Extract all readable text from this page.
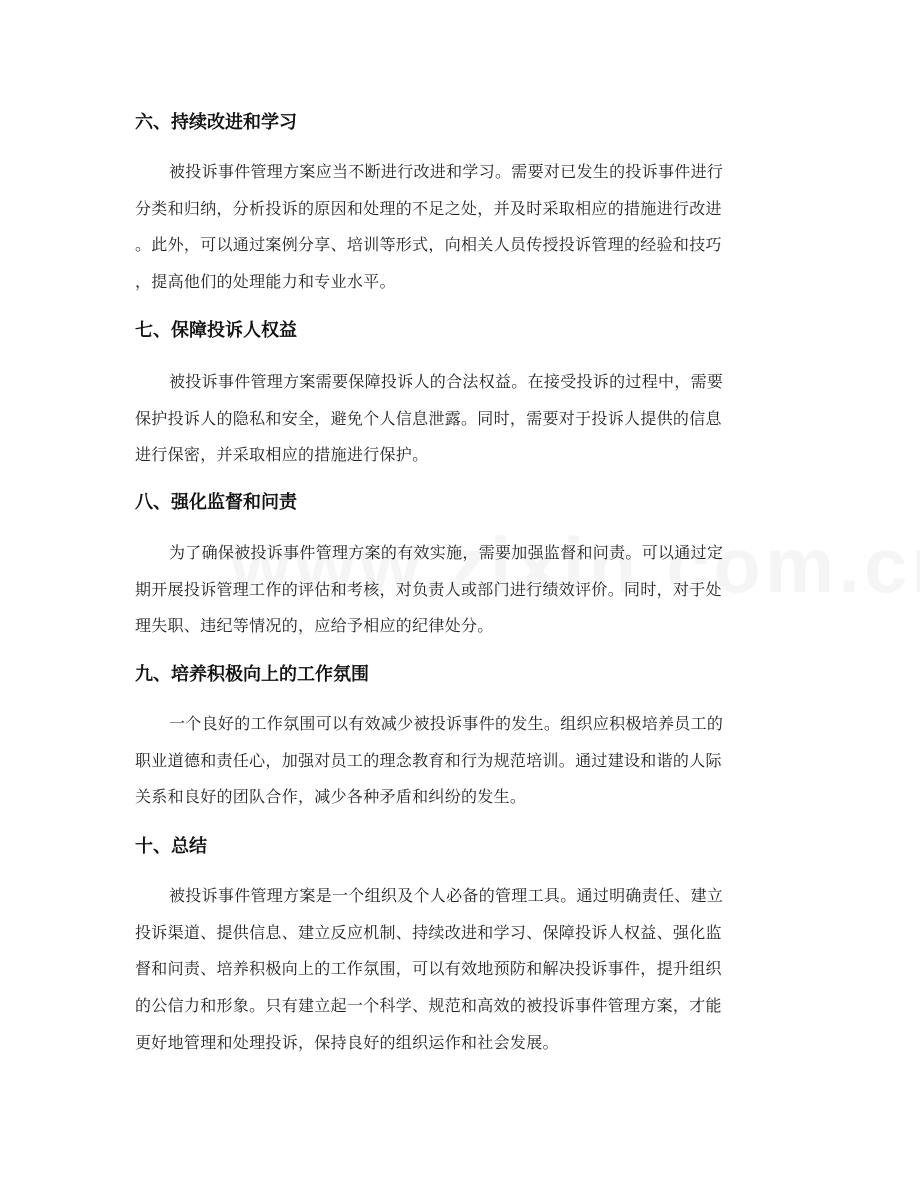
六、持续改进和学习
被投诉事件管理方案应当不断进行改进和学习。需要对已发生的投诉事件进行
分类和归纳，分析投诉的原因和处理的不足之处，并及时采取相应的措施进行改进
。此外，可以通过案例分享、培训等形式，向相关人员传授投诉管理的经验和技巧
，提高他们的处理能力和专业水平。
七、保障投诉人权益
被投诉事件管理方案需要保障投诉人的合法权益。在接受投诉的过程中，需要
保护投诉人的隐私和安全，避免个人信息泄露。同时，需要对于投诉人提供的信息
进行保密，并采取相应的措施进行保护。
八、强化监督和问责
为了确保被投诉事件管理方案的有效实施，需要加强监督和问责。可以通过定
期开展投诉管理工作的评估和考核，对负责人或部门进行绩效评价。同时，对于处
理失职、违纪等情况的，应给予相应的纪律处分。
九、培养积极向上的工作氛围
一个良好的工作氛围可以有效减少被投诉事件的发生。组织应积极培养员工的
职业道德和责任心，加强对员工的理念教育和行为规范培训。通过建设和谐的人际
关系和良好的团队合作，减少各种矛盾和纠纷的发生。
十、总结
被投诉事件管理方案是一个组织及个人必备的管理工具。通过明确责任、建立
投诉渠道、提供信息、建立反应机制、持续改进和学习、保障投诉人权益、强化监
督和问责、培养积极向上的工作氛围，可以有效地预防和解决投诉事件，提升组织
的公信力和形象。只有建立起一个科学、规范和高效的被投诉事件管理方案，才能
更好地管理和处理投诉，保持良好的组织运作和社会发展。
